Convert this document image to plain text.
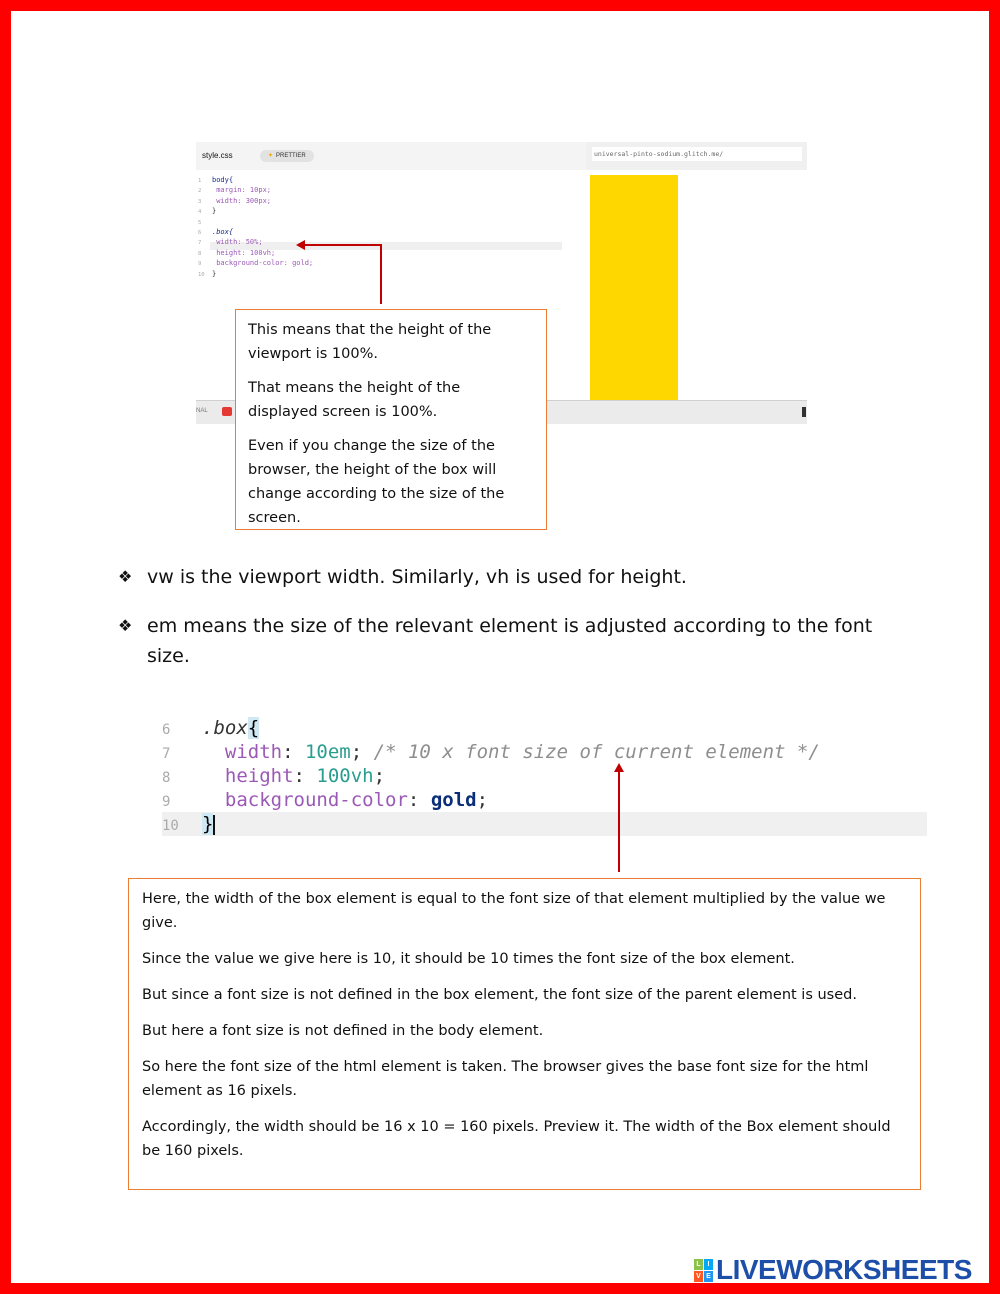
style.css	✦ PRETTIER	universal-pinto-sodium.glitch.me/
1 body{
2 margin: 10px;
3 width: 300px;
4 }
5
6 .box{
7 width: 50%;
8 height: 100vh;
9 background-color: gold;
10 }
NAL

This means that the height of the viewport is 100%.

That means the height of the displayed screen is 100%.

Even if you change the size of the browser, the height of the box will change according to the size of the screen.

❖ vw is the viewport width. Similarly, vh is used for height.
❖ em means the size of the relevant element is adjusted according to the font size.
6 .box{
7	width: 10em; /* 10 x font size of current element */
8	height: 100vh;
9	background-color: gold;
10 }

Here, the width of the box element is equal to the font size of that element multiplied by the value we give.

Since the value we give here is 10, it should be 10 times the font size of the box element.

But since a font size is not defined in the box element, the font size of the parent element is used.

But here a font size is not defined in the body element.

So here the font size of the html element is taken. The browser gives the base font size for the html element as 16 pixels.

Accordingly, the width should be 16 x 10 = 160 pixels. Preview it. The width of the Box element should be 160 pixels.

L I
V E LIVEWORKSHEETS
